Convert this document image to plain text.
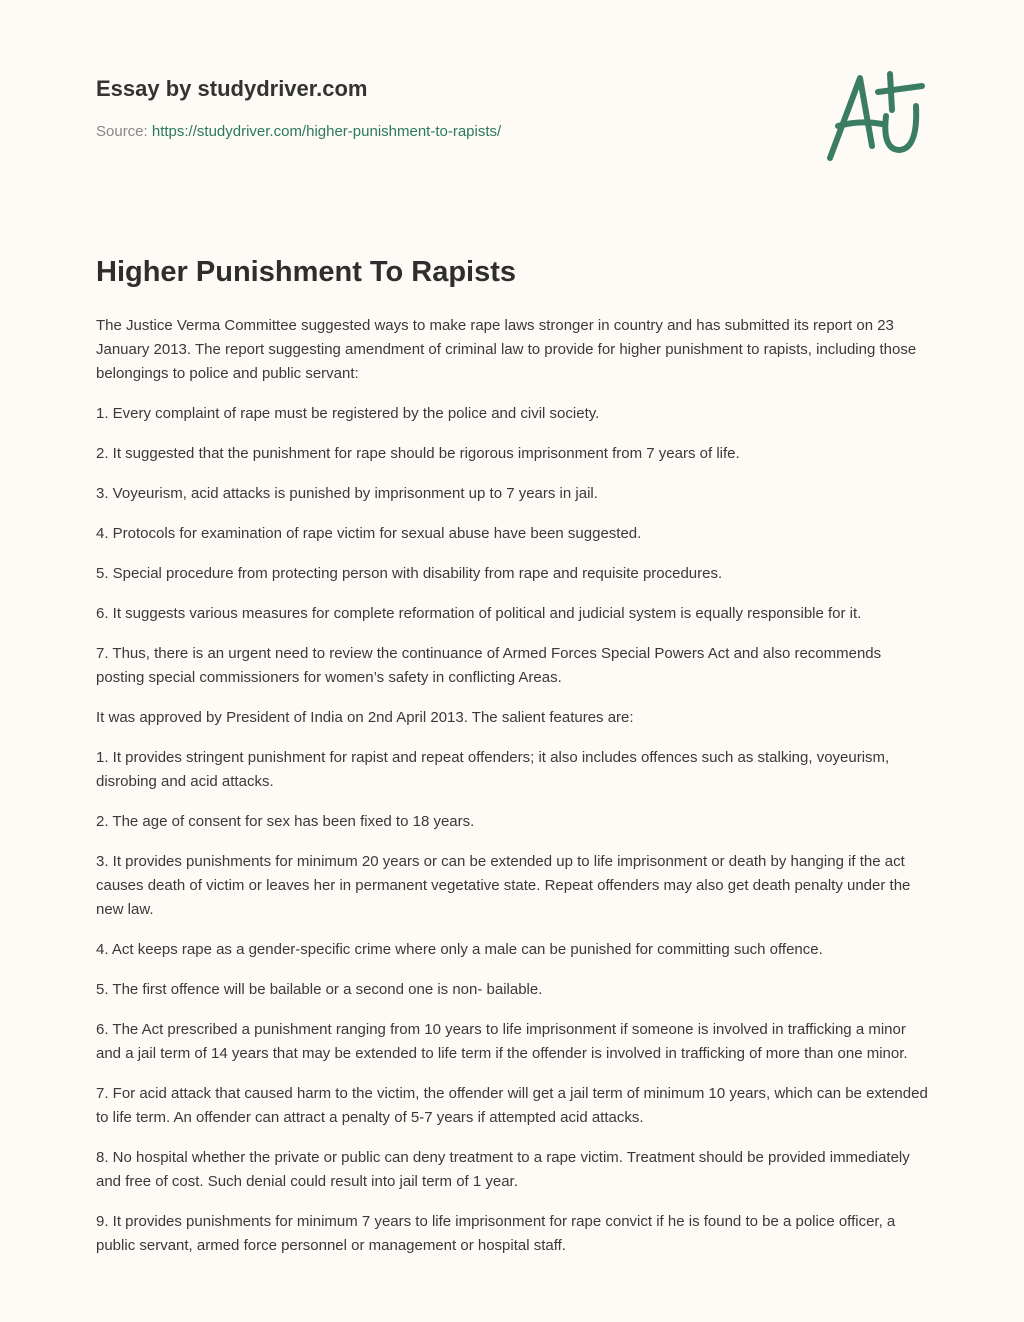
Essay by studydriver.com
Source: https://studydriver.com/higher-punishment-to-rapists/
Higher Punishment To Rapists

The Justice Verma Committee suggested ways to make rape laws stronger in country and has submitted its report on 23 January 2013. The report suggesting amendment of criminal law to provide for higher punishment to rapists, including those belongings to police and public servant:

1. Every complaint of rape must be registered by the police and civil society.

2. It suggested that the punishment for rape should be rigorous imprisonment from 7 years of life.

3. Voyeurism, acid attacks is punished by imprisonment up to 7 years in jail.

4. Protocols for examination of rape victim for sexual abuse have been suggested.

5. Special procedure from protecting person with disability from rape and requisite procedures.

6. It suggests various measures for complete reformation of political and judicial system is equally responsible for it.

7. Thus, there is an urgent need to review the continuance of Armed Forces Special Powers Act and also recommends posting special commissioners for women’s safety in conflicting Areas.

It was approved by President of India on 2nd April 2013. The salient features are:

1. It provides stringent punishment for rapist and repeat offenders; it also includes offences such as stalking, voyeurism, disrobing and acid attacks.

2. The age of consent for sex has been fixed to 18 years.

3. It provides punishments for minimum 20 years or can be extended up to life imprisonment or death by hanging if the act causes death of victim or leaves her in permanent vegetative state. Repeat offenders may also get death penalty under the new law.

4. Act keeps rape as a gender-specific crime where only a male can be punished for committing such offence.

5. The first offence will be bailable or a second one is non- bailable.

6. The Act prescribed a punishment ranging from 10 years to life imprisonment if someone is involved in trafficking a minor and a jail term of 14 years that may be extended to life term if the offender is involved in trafficking of more than one minor.

7. For acid attack that caused harm to the victim, the offender will get a jail term of minimum 10 years, which can be extended to life term. An offender can attract a penalty of 5-7 years if attempted acid attacks.

8. No hospital whether the private or public can deny treatment to a rape victim. Treatment should be provided immediately and free of cost. Such denial could result into jail term of 1 year.

9. It provides punishments for minimum 7 years to life imprisonment for rape convict if he is found to be a police officer, a public servant, armed force personnel or management or hospital staff.
